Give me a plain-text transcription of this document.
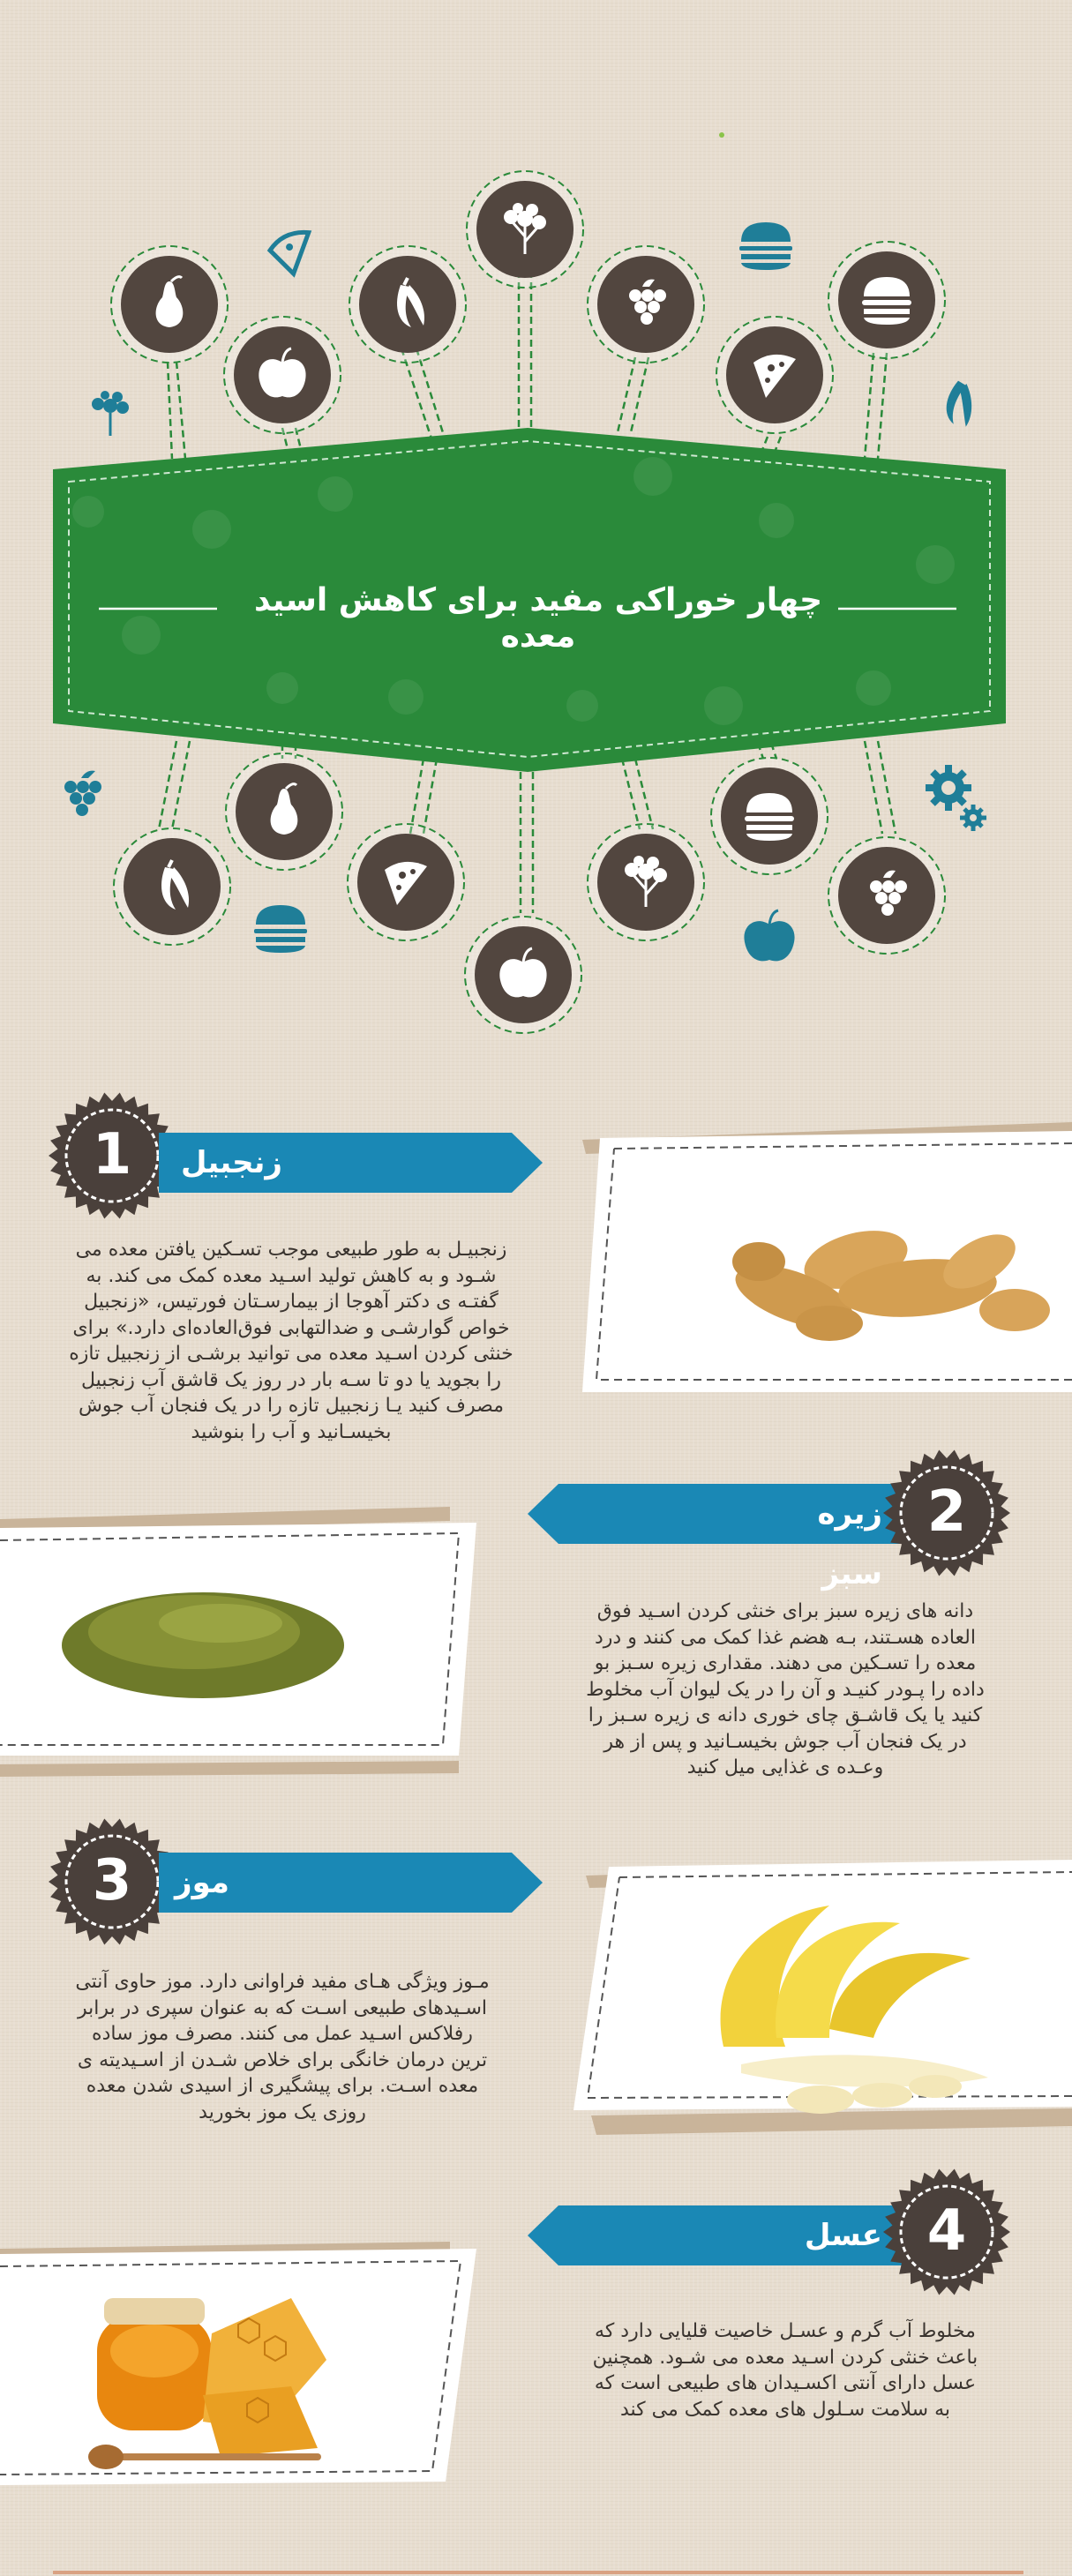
چهار خوراکی مفید برای کاهش اسید معده
1 زنجبیل
زنجبیـل به طور طبیعی موجب تسـکین یافتن معده می
شـود و به کاهش تولید اسـید معده کمک می کند. به
گفتـه ی دکتر آهوجا از بیمارسـتان فورتیس، «زنجبیل
خواص گوارشـی و ضدالتهابی فوق‌العاده‌ای دارد.» برای
خنثی کردن اسـید معده می توانید برشـی از زنجبیل تازه
را بجوید یا دو تا سـه بار در روز یک قاشق آب زنجبیل
مصرف کنید یـا زنجبیل تازه را در یک فنجان آب جوش
بخیسـانید و آب را بنوشید
زیره سبز
2
دانه های زیره سبز برای خنثی کردن اسـید فوق
العاده هسـتند، بـه هضم غذا کمک می کنند و درد
معده را تسـکین می دهند. مقداری زیره سـبز بو
داده را پـودر کنیـد و آن را در یک لیوان آب مخلوط
کنید یا یک قاشـق چای خوری دانه ی زیره سـبز را
در یک فنجان آب جوش بخیسـانید و پس از هر
وعـده ی غذایی میل کنید
3 موز
مـوز ویژگی هـای مفید فراوانی دارد. موز حاوی آنتی
اسـیدهای طبیعی اسـت که به عنوان سپری در برابر
رفلاکس اسـید عمل می کنند. مصرف موز ساده
ترین درمان خانگی برای خلاص شـدن از اسـیدیته ی
معده اسـت. برای پیشگیری از اسیدی شدن معده
روزی یک موز بخورید
عسل 4
مخلوط آب گرم و عسـل خاصیت قلیایی دارد که
باعث خنثی کردن اسـید معده می شـود. همچنین
عسل دارای آنتی اکسـیدان های طبیعی است که
به سلامت سـلول های معده کمک می کند
